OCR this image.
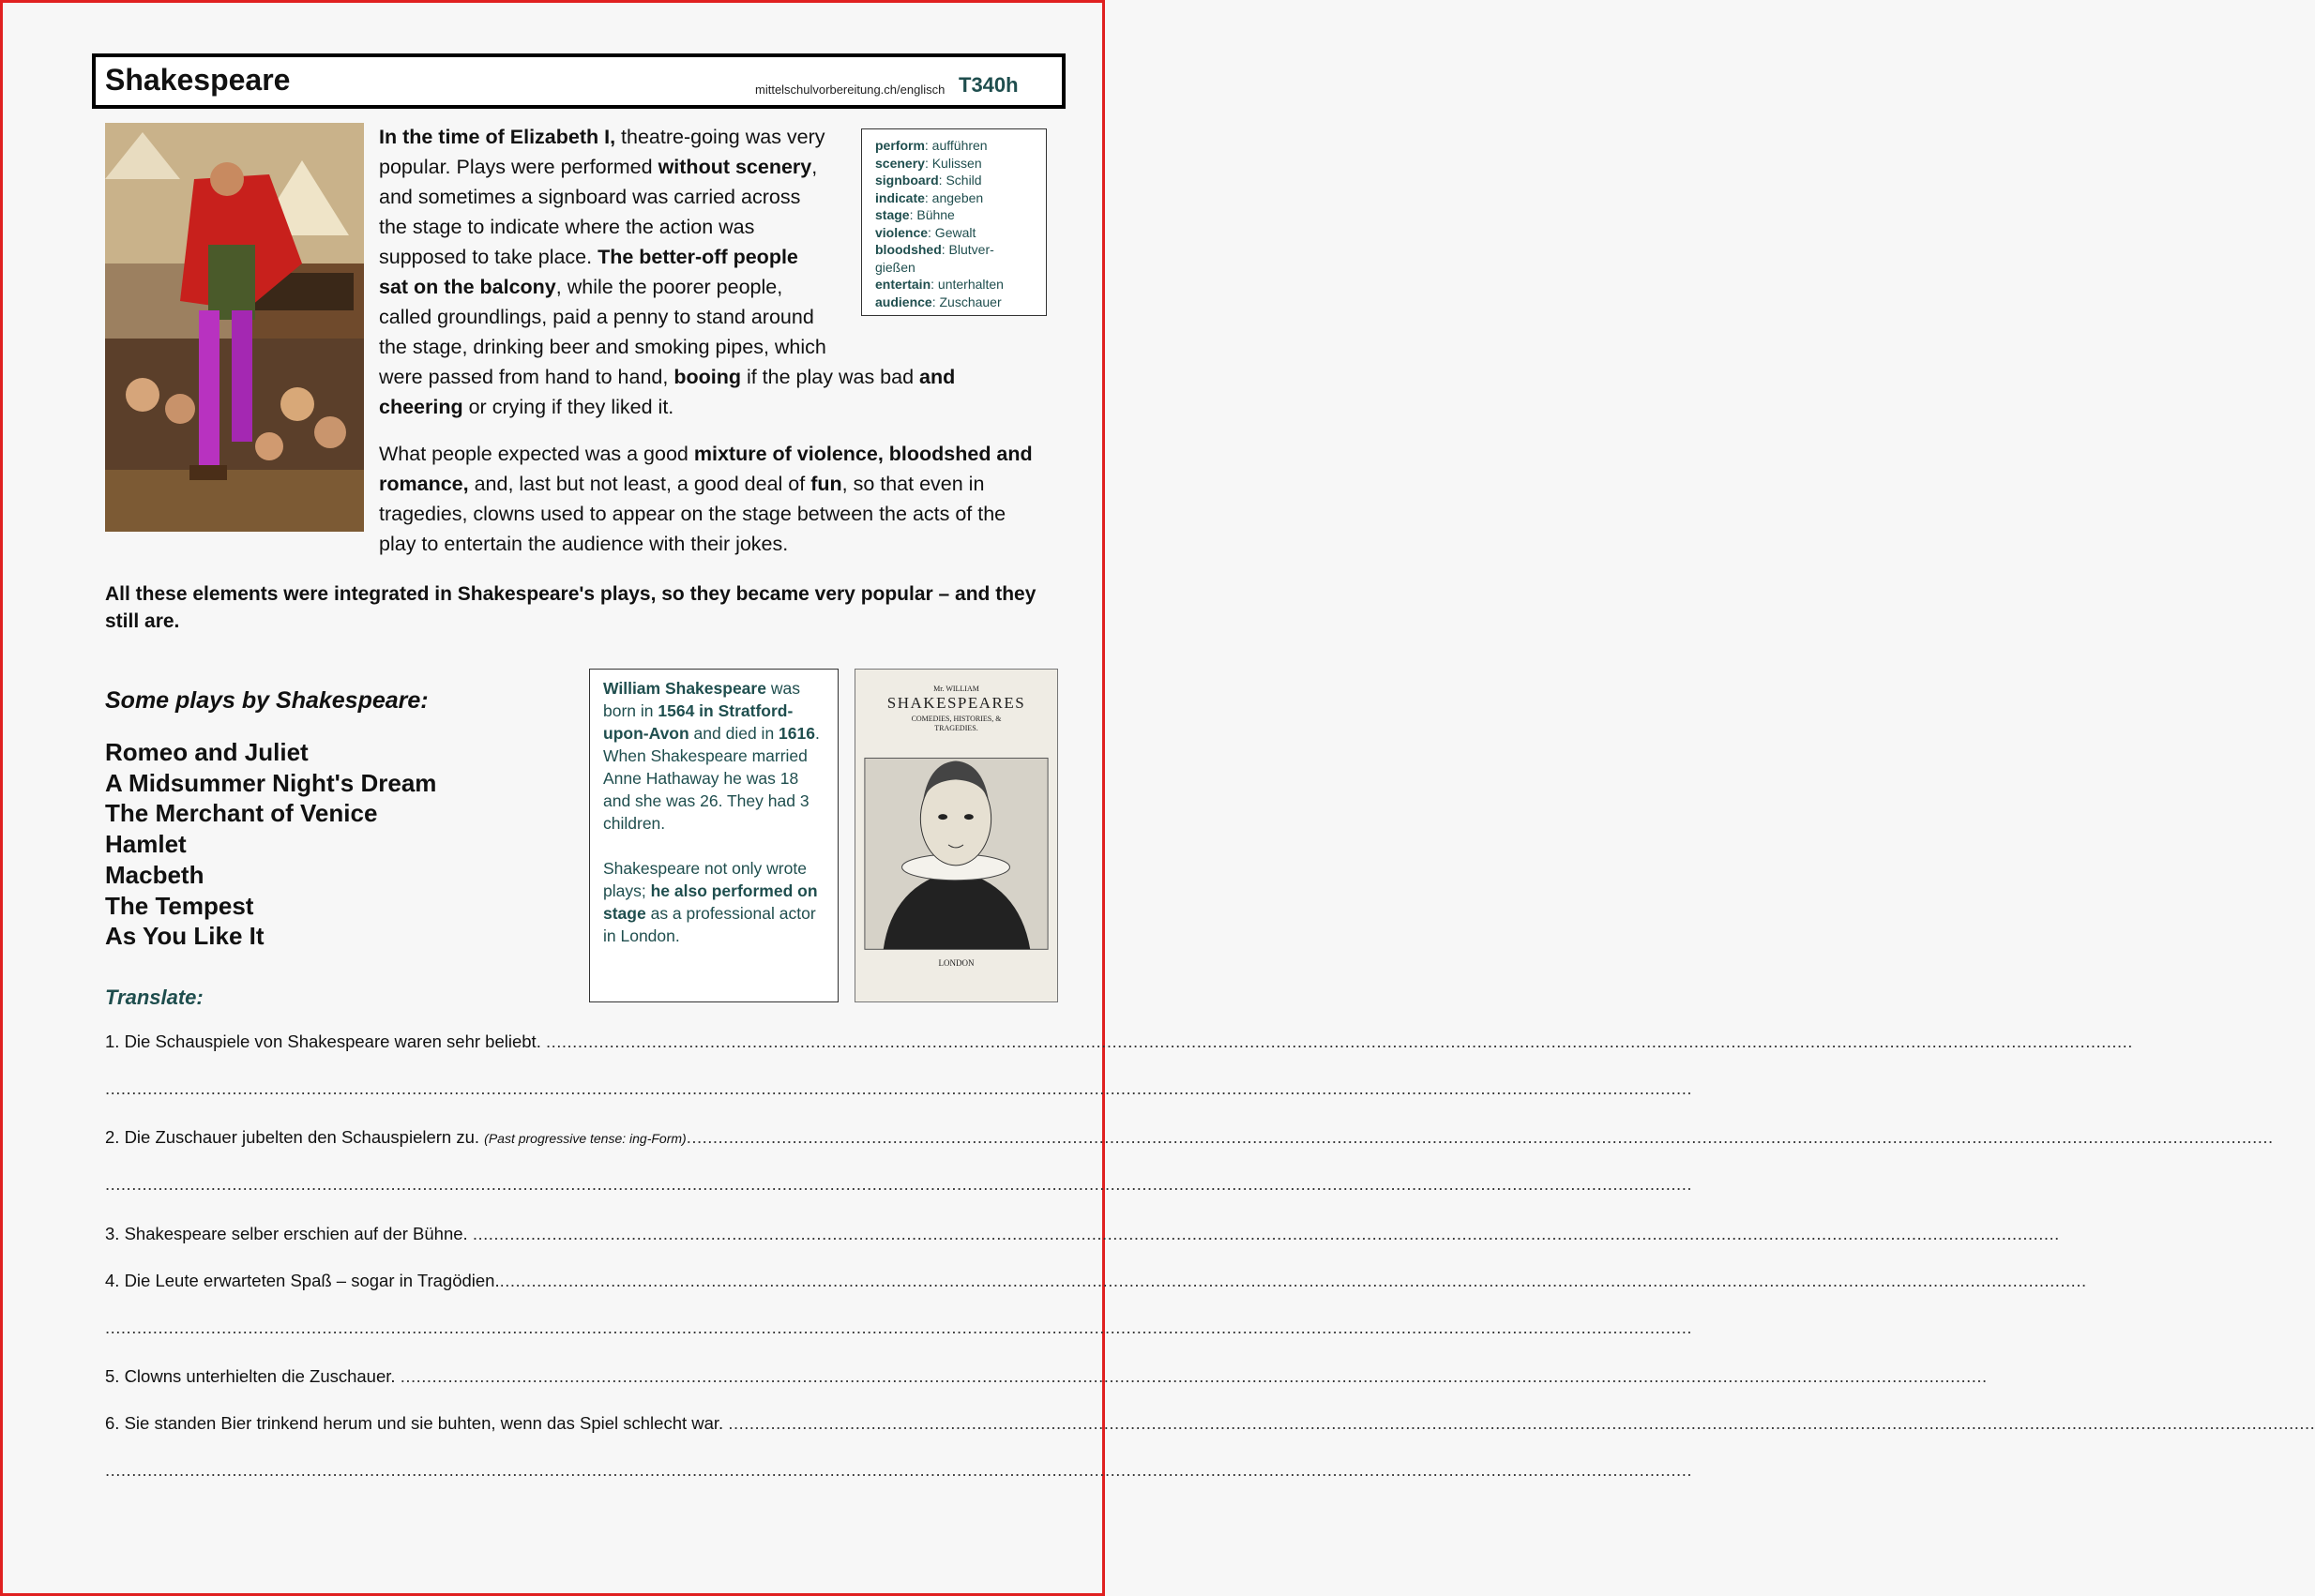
Shakespeare	mittelschulvorbereitung.ch/englisch T340h

In the time of Elizabeth I, theatre-going was very popular. Plays were performed without scenery, and sometimes a signboard was carried across the stage to indicate where the action was supposed to take place. The better-off people sat on the balcony, while the poorer people, called groundlings, paid a penny to stand around the stage, drinking beer and smoking pipes, which were passed from hand to hand, booing if the play was bad and cheering or crying if they liked it.

What people expected was a good mixture of violence, bloodshed and romance, and, last but not least, a good deal of fun, so that even in tragedies, clowns used to appear on the stage between the acts of the play to entertain the audience with their jokes.

perform: aufführen
scenery: Kulissen
signboard: Schild
indicate: angeben
stage: Bühne
violence: Gewalt
bloodshed: Blutver-gießen
entertain: unterhalten
audience: Zuschauer
All these elements were integrated in Shakespeare's plays, so they became very popular – and they still are.
Some plays by Shakespeare:
Romeo and Juliet
A Midsummer Night's Dream
The Merchant of Venice
Hamlet
Macbeth
The Tempest
As You Like It

William Shakespeare was born in 1564 in Stratford-upon-Avon and died in 1616. When Shakespeare married Anne Hathaway he was 18 and she was 26. They had 3 children.

Shakespeare not only wrote plays; he also performed on stage as a professional actor in London.

Mr. WILLIAM
SHAKESPEARES
COMEDIES, HISTORIES, & TRAGEDIES.
LONDON
Translate:
1. Die Schauspiele von Shakespeare waren sehr beliebt. ............................................................................................................................................................................................................................................................................................................
............................................................................................................................................................................................................................................................................................................
2. Die Zuschauer jubelten den Schauspielern zu. (Past progressive tense: ing-Form)............................................................................................................................................................................................................................................................................................................
............................................................................................................................................................................................................................................................................................................
3. Shakespeare selber erschien auf der Bühne. ............................................................................................................................................................................................................................................................................................................
4. Die Leute erwarteten Spaß – sogar in Tragödien.............................................................................................................................................................................................................................................................................................................
............................................................................................................................................................................................................................................................................................................
5. Clowns unterhielten die Zuschauer. ............................................................................................................................................................................................................................................................................................................
6. Sie standen Bier trinkend herum und sie buhten, wenn das Spiel schlecht war. ............................................................................................................................................................................................................................................................................................................
............................................................................................................................................................................................................................................................................................................
